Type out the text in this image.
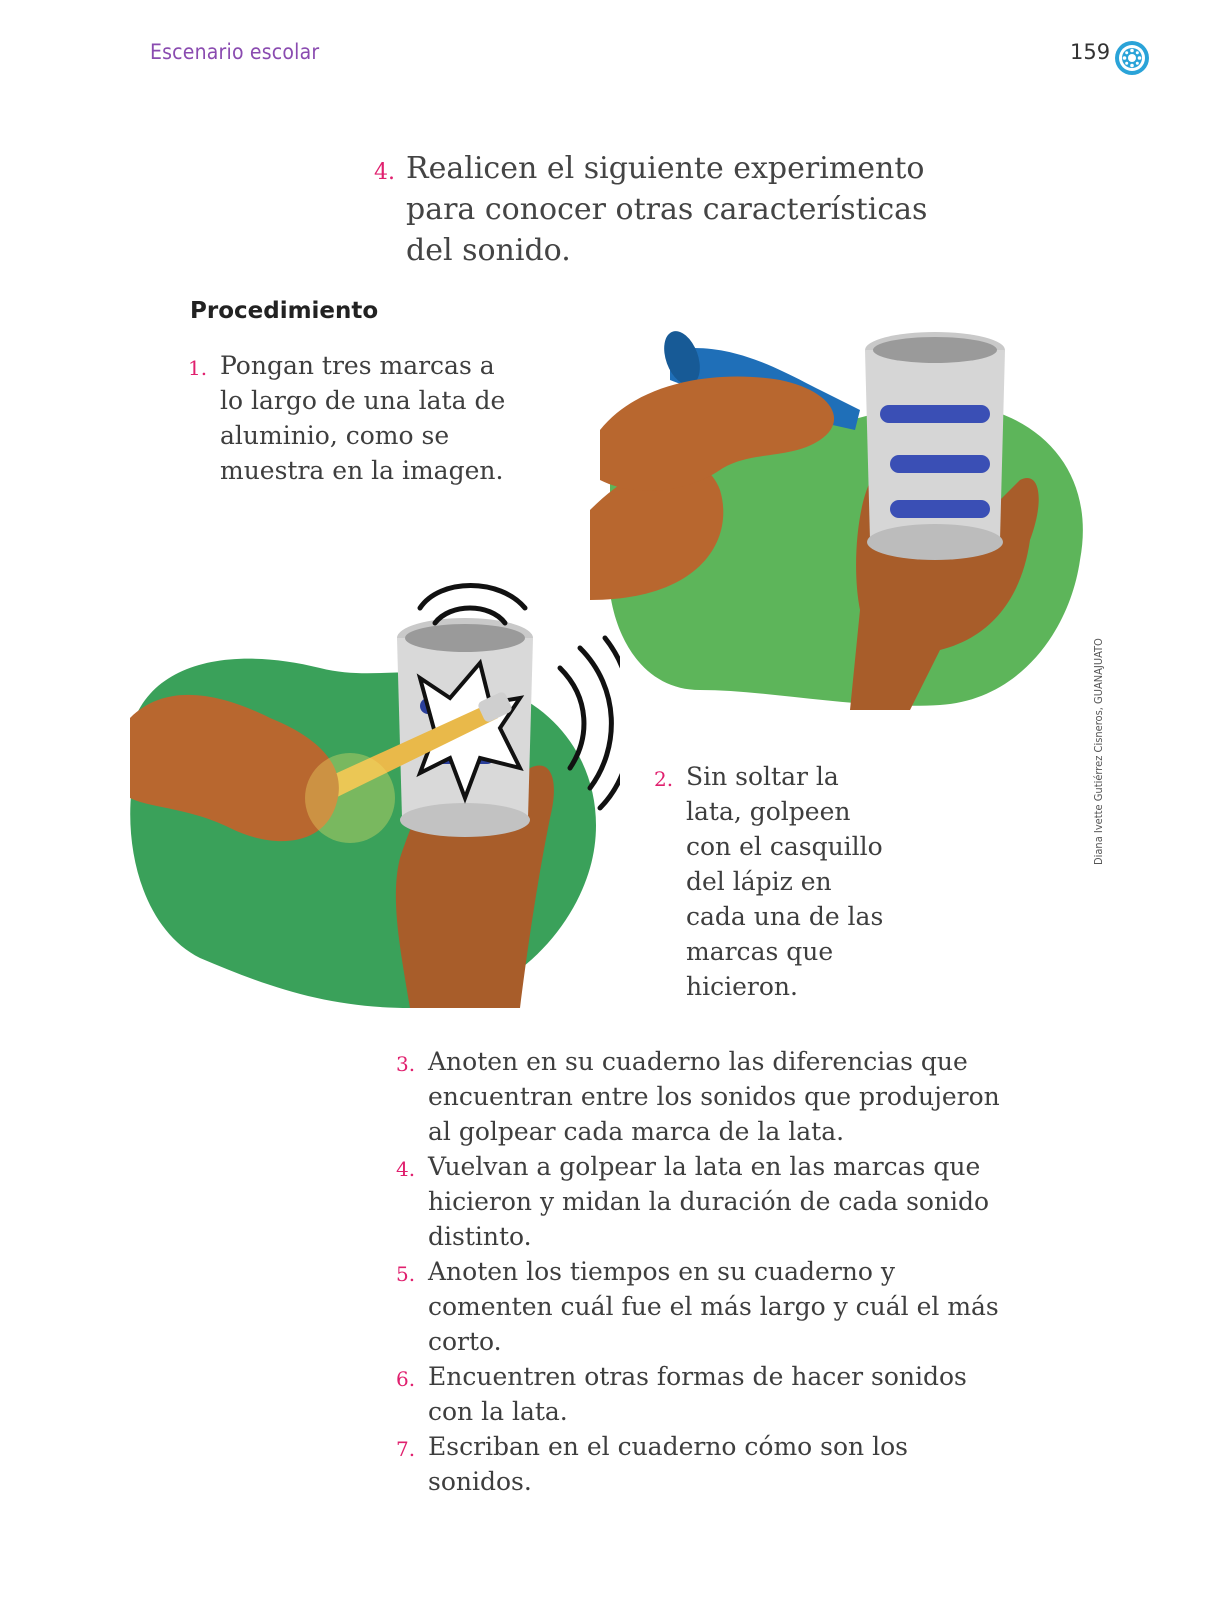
Escenario escolar	159
4. Realicen el siguiente experimento para conocer otras características del sonido.
Procedimiento
1. Pongan tres marcas a lo largo de una lata de aluminio, como se muestra en la imagen.
2. Sin soltar la lata, golpeen con el casquillo del lápiz en cada una de las marcas que hicieron.
3. Anoten en su cuaderno las diferencias que encuentran entre los sonidos que produjeron al golpear cada marca de la lata.
4. Vuelvan a golpear la lata en las marcas que hicieron y midan la duración de cada sonido distinto.
5. Anoten los tiempos en su cuaderno y comenten cuál fue el más largo y cuál el más corto.
6. Encuentren otras formas de hacer sonidos con la lata.
7. Escriban en el cuaderno cómo son los sonidos.
Diana Ivette Gutiérrez Cisneros, GUANAJUATO
